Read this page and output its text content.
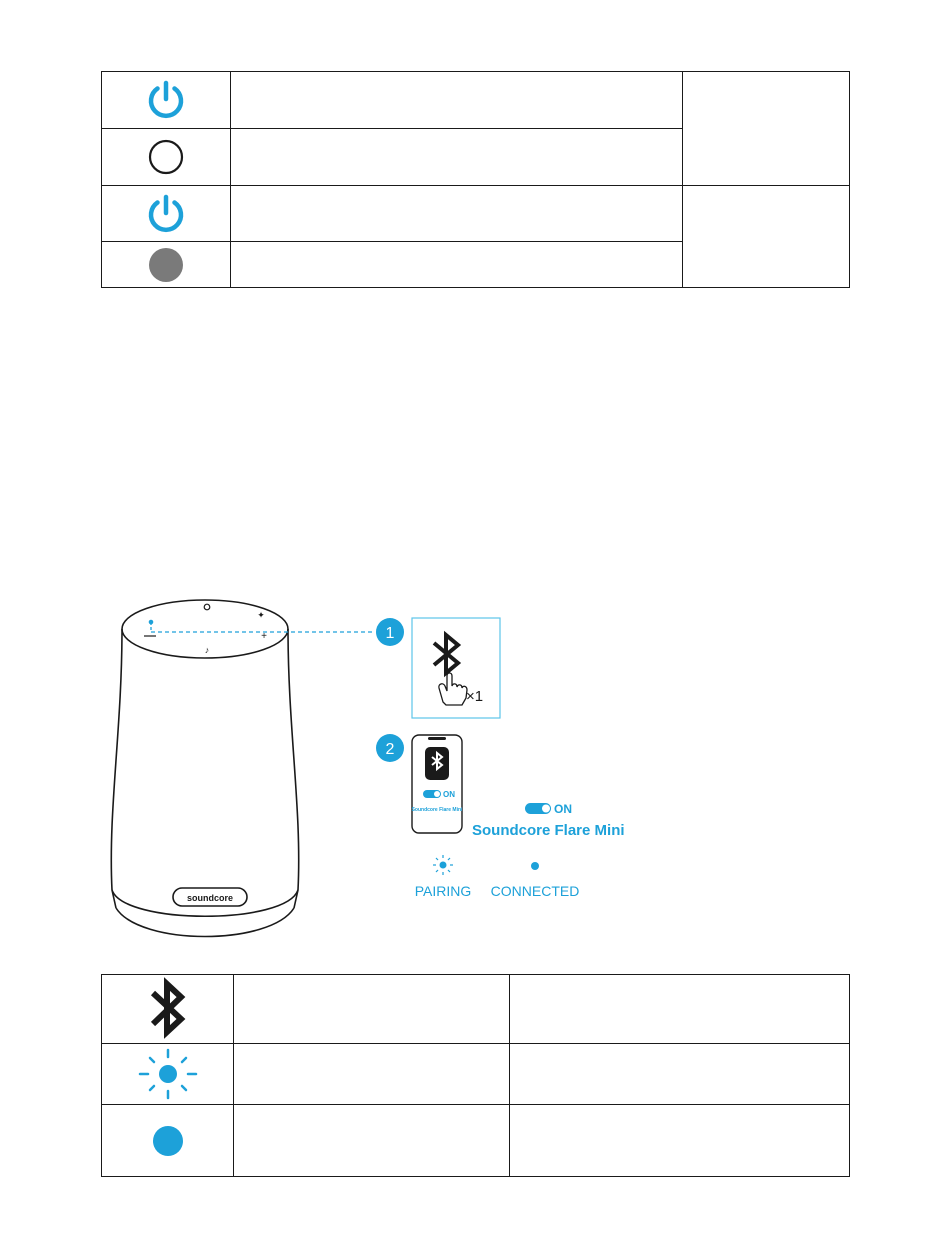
soundcore
✦
+
♪
1
×1
2
ON
Soundcore Flare Mini	ON
Soundcore Flare Mini
PAIRING CONNECTED
